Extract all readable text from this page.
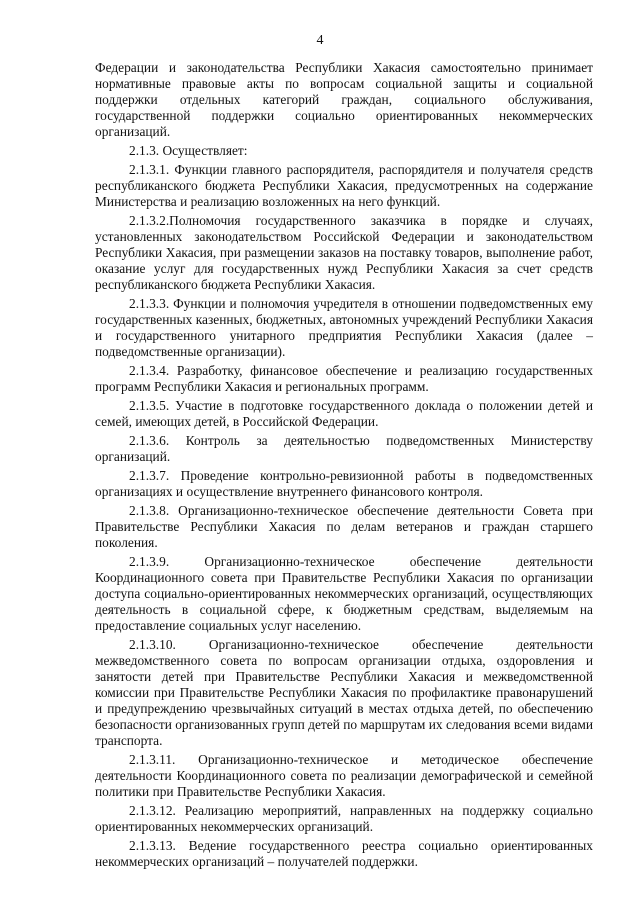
4

Федерации и законодательства Республики Хакасия самостоятельно принимает нормативные правовые акты по вопросам социальной защиты и социальной поддержки отдельных категорий граждан, социального обслуживания, государственной поддержки социально ориентированных некоммерческих организаций.

2.1.3. Осуществляет:

2.1.3.1. Функции главного распорядителя, распорядителя и получателя средств республиканского бюджета Республики Хакасия, предусмотренных на содержание Министерства и реализацию возложенных на него функций.

2.1.3.2.Полномочия государственного заказчика в порядке и случаях, установленных законодательством Российской Федерации и законодательством Республики Хакасия, при размещении заказов на поставку товаров, выполнение работ, оказание услуг для государственных нужд Республики Хакасия за счет средств республиканского бюджета Республики Хакасия.

2.1.3.3. Функции и полномочия учредителя в отношении подведомственных ему государственных казенных, бюджетных, автономных учреждений Республики Хакасия и государственного унитарного предприятия Республики Хакасия (далее – подведомственные организации).

2.1.3.4. Разработку, финансовое обеспечение и реализацию государственных программ Республики Хакасия и региональных программ.

2.1.3.5. Участие в подготовке государственного доклада о положении детей и семей, имеющих детей, в Российской Федерации.

2.1.3.6. Контроль за деятельностью подведомственных Министерству организаций.

2.1.3.7. Проведение контрольно-ревизионной работы в подведомственных организациях и осуществление внутреннего финансового контроля.

2.1.3.8. Организационно-техническое обеспечение деятельности Совета при Правительстве Республики Хакасия по делам ветеранов и граждан старшего поколения.

2.1.3.9. Организационно-техническое обеспечение деятельности Координационного совета при Правительстве Республики Хакасия по организации доступа социально-ориентированных некоммерческих организаций, осуществляющих деятельность в социальной сфере, к бюджетным средствам, выделяемым на предоставление социальных услуг населению.

2.1.3.10. Организационно-техническое обеспечение деятельности межведомственного совета по вопросам организации отдыха, оздоровления и занятости детей при Правительстве Республики Хакасия и межведомственной комиссии при Правительстве Республики Хакасия по профилактике правонарушений и предупреждению чрезвычайных ситуаций в местах отдыха детей, по обеспечению безопасности организованных групп детей по маршрутам их следования всеми видами транспорта.

2.1.3.11. Организационно-техническое и методическое обеспечение деятельности Координационного совета по реализации демографической и семейной политики при Правительстве Республики Хакасия.

2.1.3.12. Реализацию мероприятий, направленных на поддержку социально ориентированных некоммерческих организаций.

2.1.3.13. Ведение государственного реестра социально ориентированных некоммерческих организаций – получателей поддержки.
